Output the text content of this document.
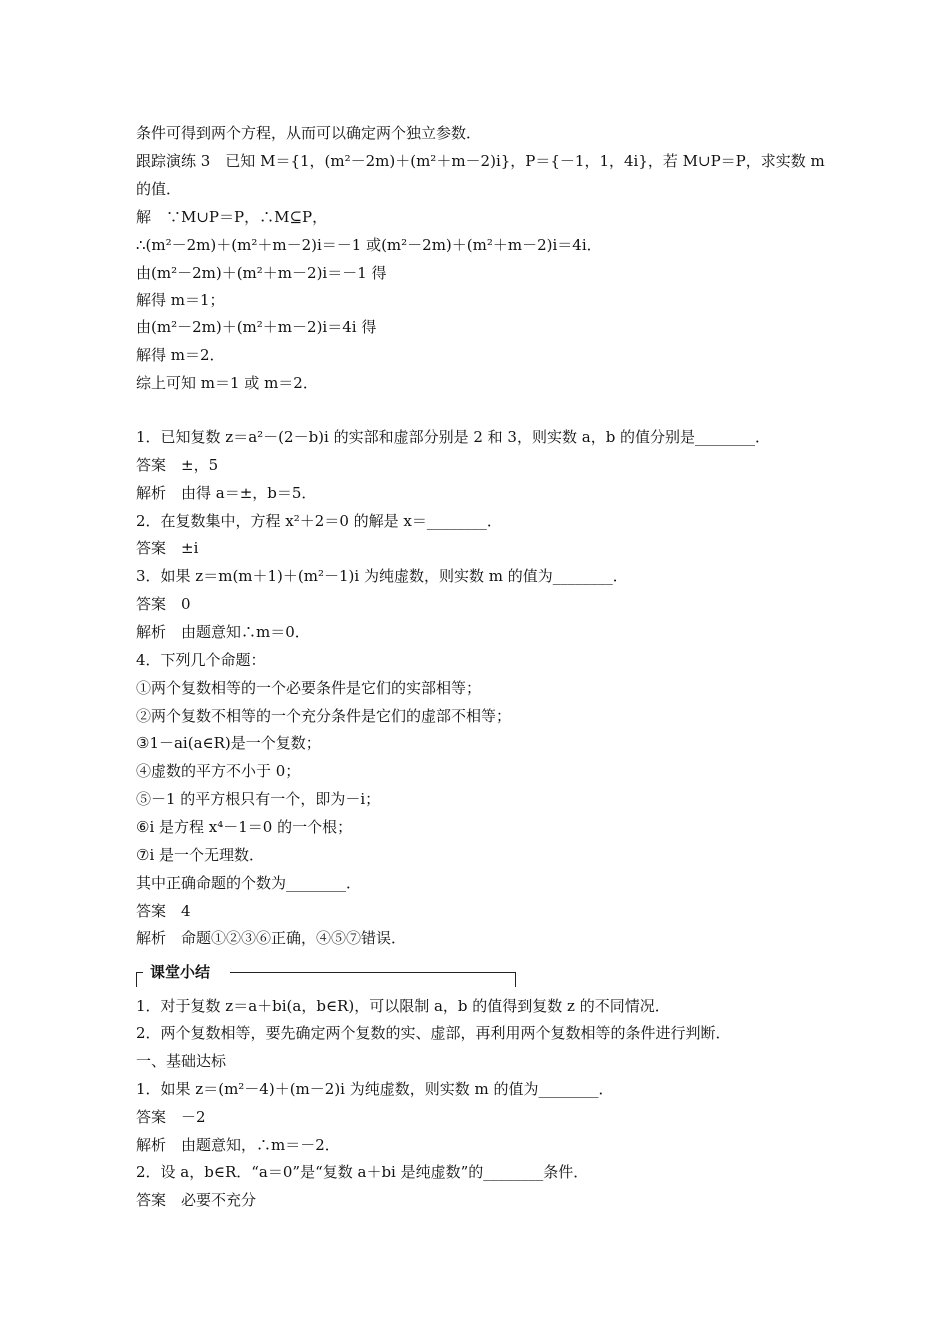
条件可得到两个方程，从而可以确定两个独立参数．
跟踪演练 3　已知 M＝{1，(m²－2m)＋(m²＋m－2)i}，P＝{－1，1，4i}，若 M∪P＝P，求实数 m
的值．
解　∵M∪P＝P，∴M⊆P，
∴(m²－2m)＋(m²＋m－2)i＝－1 或(m²－2m)＋(m²＋m－2)i＝4i．
由(m²－2m)＋(m²＋m－2)i＝－1 得
解得 m＝1；
由(m²－2m)＋(m²＋m－2)i＝4i 得
解得 m＝2．
综上可知 m＝1 或 m＝2．
1．已知复数 z＝a²－(2－b)i 的实部和虚部分别是 2 和 3，则实数 a，b 的值分别是________．
答案　±，5
解析　由得 a＝±，b＝5．
2．在复数集中，方程 x²＋2＝0 的解是 x＝________．
答案　±i
3．如果 z＝m(m＋1)＋(m²－1)i 为纯虚数，则实数 m 的值为________．
答案　0
解析　由题意知∴m＝0．
4．下列几个命题：
①两个复数相等的一个必要条件是它们的实部相等；
②两个复数不相等的一个充分条件是它们的虚部不相等；
③1－ai(a∈R)是一个复数；
④虚数的平方不小于 0；
⑤－1 的平方根只有一个，即为－i；
⑥i 是方程 x⁴－1＝0 的一个根；
⑦i 是一个无理数．
其中正确命题的个数为________．
答案　4
解析　命题①②③⑥正确，④⑤⑦错误．
课堂小结
1．对于复数 z＝a＋bi(a，b∈R)，可以限制 a，b 的值得到复数 z 的不同情况．
2．两个复数相等，要先确定两个复数的实、虚部，再利用两个复数相等的条件进行判断．
一、基础达标
1．如果 z＝(m²－4)＋(m－2)i 为纯虚数，则实数 m 的值为________．
答案　－2
解析　由题意知，∴m＝－2．
2．设 a，b∈R．“a＝0”是“复数 a＋bi 是纯虚数”的________条件．
答案　必要不充分
